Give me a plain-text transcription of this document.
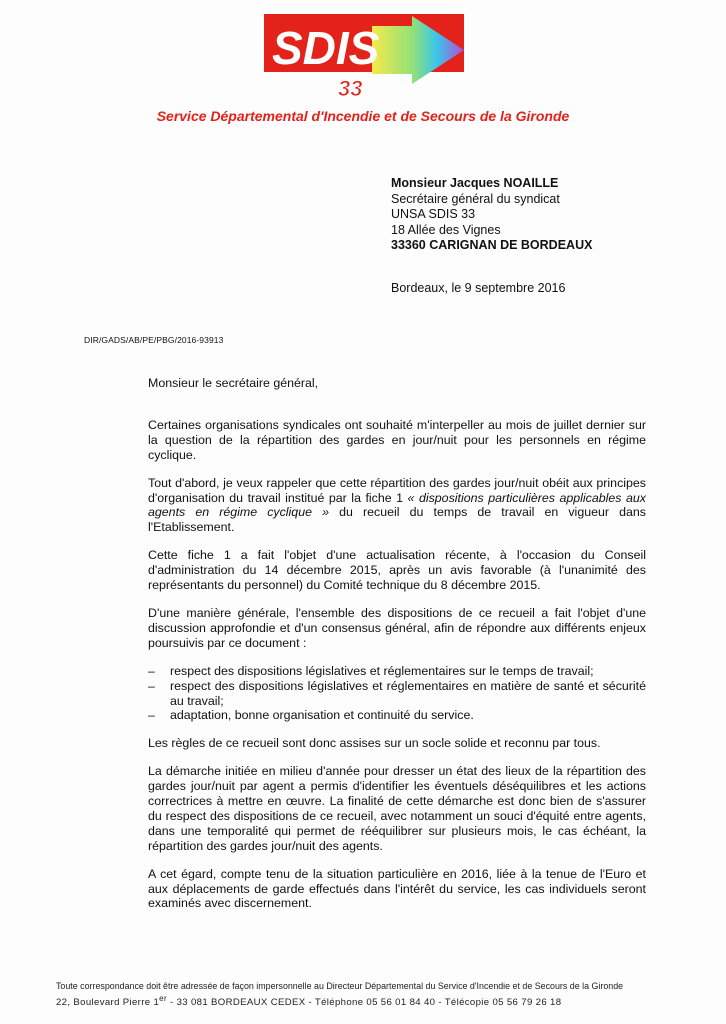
SDIS
33
Service Départemental d'Incendie et de Secours de la Gironde
Monsieur Jacques NOAILLE
Secrétaire général du syndicat
UNSA SDIS 33
18 Allée des Vignes
33360 CARIGNAN DE BORDEAUX
Bordeaux, le 9 septembre 2016
DIR/GADS/AB/PE/PBG/2016-93913

Monsieur le secrétaire général,

Certaines organisations syndicales ont souhaité m'interpeller au mois de juillet dernier sur la question de la répartition des gardes en jour/nuit pour les personnels en régime cyclique.

Tout d'abord, je veux rappeler que cette répartition des gardes jour/nuit obéit aux principes d'organisation du travail institué par la fiche 1 « dispositions particulières applicables aux agents en régime cyclique » du recueil du temps de travail en vigueur dans l'Etablissement.

Cette fiche 1 a fait l'objet d'une actualisation récente, à l'occasion du Conseil d'administration du 14 décembre 2015, après un avis favorable (à l'unanimité des représentants du personnel) du Comité technique du 8 décembre 2015.

D'une manière générale, l'ensemble des dispositions de ce recueil a fait l'objet d'une discussion approfondie et d'un consensus général, afin de répondre aux différents enjeux poursuivis par ce document :

– respect des dispositions législatives et réglementaires sur le temps de travail;
– respect des dispositions législatives et réglementaires en matière de santé et sécurité au travail;
– adaptation, bonne organisation et continuité du service.

Les règles de ce recueil sont donc assises sur un socle solide et reconnu par tous.

La démarche initiée en milieu d'année pour dresser un état des lieux de la répartition des gardes jour/nuit par agent a permis d'identifier les éventuels déséquilibres et les actions correctrices à mettre en œuvre. La finalité de cette démarche est donc bien de s'assurer du respect des dispositions de ce recueil, avec notamment un souci d'équité entre agents, dans une temporalité qui permet de rééquilibrer sur plusieurs mois, le cas échéant, la répartition des gardes jour/nuit des agents.

A cet égard, compte tenu de la situation particulière en 2016, liée à la tenue de l'Euro et aux déplacements de garde effectués dans l'intérêt du service, les cas individuels seront examinés avec discernement.

Toute correspondance doit être adressée de façon impersonnelle au Directeur Départemental du Service d'Incendie et de Secours de la Gironde
22, Boulevard Pierre 1er - 33 081 BORDEAUX CEDEX - Téléphone 05 56 01 84 40 - Télécopie 05 56 79 26 18
